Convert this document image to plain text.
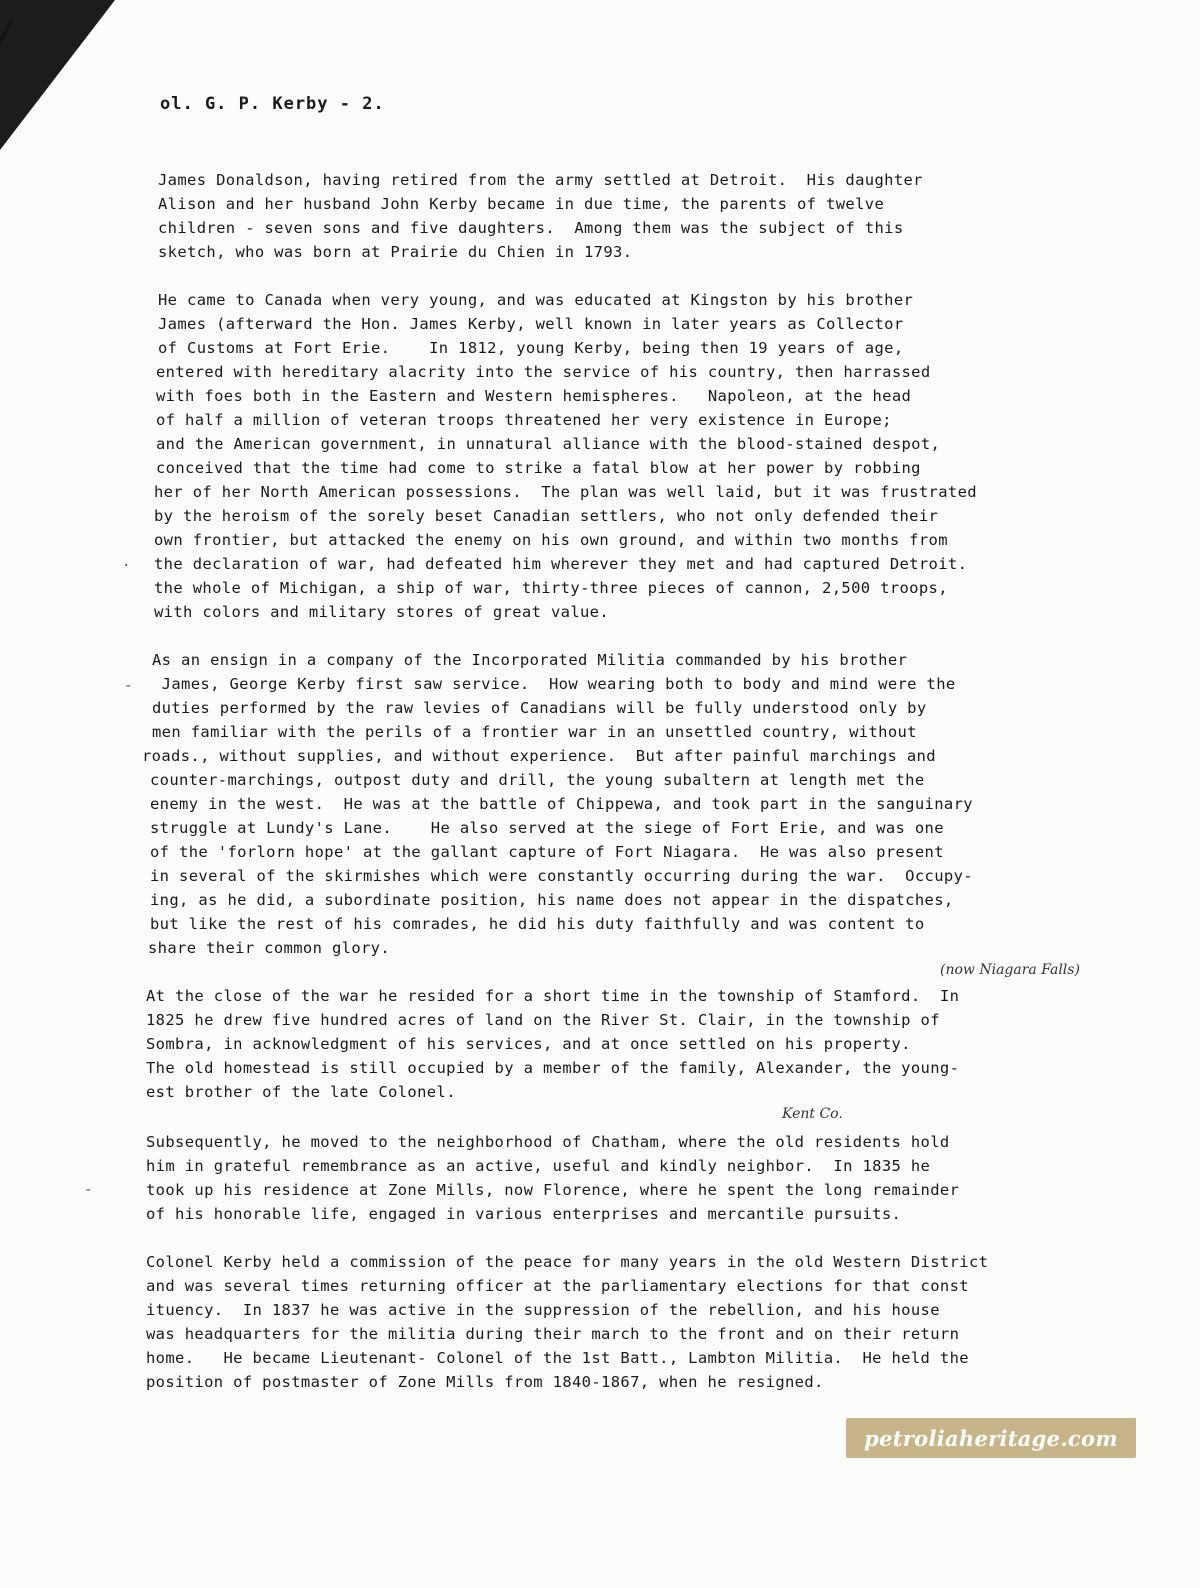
ol. G. P. Kerby - 2.
James Donaldson, having retired from the army settled at Detroit.  His daughter
Alison and her husband John Kerby became in due time, the parents of twelve
children - seven sons and five daughters.  Among them was the subject of this
sketch, who was born at Prairie du Chien in 1793.
He came to Canada when very young, and was educated at Kingston by his brother
James (afterward the Hon. James Kerby, well known in later years as Collector
of Customs at Fort Erie.    In 1812, young Kerby, being then 19 years of age,
entered with hereditary alacrity into the service of his country, then harrassed
with foes both in the Eastern and Western hemispheres.   Napoleon, at the head
of half a million of veteran troops threatened her very existence in Europe;
and the American government, in unnatural alliance with the blood-stained despot,
conceived that the time had come to strike a fatal blow at her power by robbing
her of her North American possessions.  The plan was well laid, but it was frustrated
by the heroism of the sorely beset Canadian settlers, who not only defended their
own frontier, but attacked the enemy on his own ground, and within two months from
the declaration of war, had defeated him wherever they met and had captured Detroit.
the whole of Michigan, a ship of war, thirty-three pieces of cannon, 2,500 troops,
with colors and military stores of great value.
.
As an ensign in a company of the Incorporated Militia commanded by his brother
James, George Kerby first saw service.  How wearing both to body and mind were the
duties performed by the raw levies of Canadians will be fully understood only by
men familiar with the perils of a frontier war in an unsettled country, without
roads., without supplies, and without experience.  But after painful marchings and
counter-marchings, outpost duty and drill, the young subaltern at length met the
enemy in the west.  He was at the battle of Chippewa, and took part in the sanguinary
struggle at Lundy's Lane.    He also served at the siege of Fort Erie, and was one
of the 'forlorn hope' at the gallant capture of Fort Niagara.  He was also present
in several of the skirmishes which were constantly occurring during the war.  Occupy-
ing, as he did, a subordinate position, his name does not appear in the dispatches,
but like the rest of his comrades, he did his duty faithfully and was content to
share their common glory.
-
(now Niagara Falls)
At the close of the war he resided for a short time in the township of Stamford.  In
1825 he drew five hundred acres of land on the River St. Clair, in the township of
Sombra, in acknowledgment of his services, and at once settled on his property.
The old homestead is still occupied by a member of the family, Alexander, the young-
est brother of the late Colonel.
Kent Co.
Subsequently, he moved to the neighborhood of Chatham, where the old residents hold
him in grateful remembrance as an active, useful and kindly neighbor.  In 1835 he
took up his residence at Zone Mills, now Florence, where he spent the long remainder
of his honorable life, engaged in various enterprises and mercantile pursuits.
-
Colonel Kerby held a commission of the peace for many years in the old Western District
and was several times returning officer at the parliamentary elections for that const
ituency.  In 1837 he was active in the suppression of the rebellion, and his house
was headquarters for the militia during their march to the front and on their return
home.   He became Lieutenant- Colonel of the 1st Batt., Lambton Militia.  He held the
position of postmaster of Zone Mills from 1840-1867, when he resigned.
petroliaheritage.com
